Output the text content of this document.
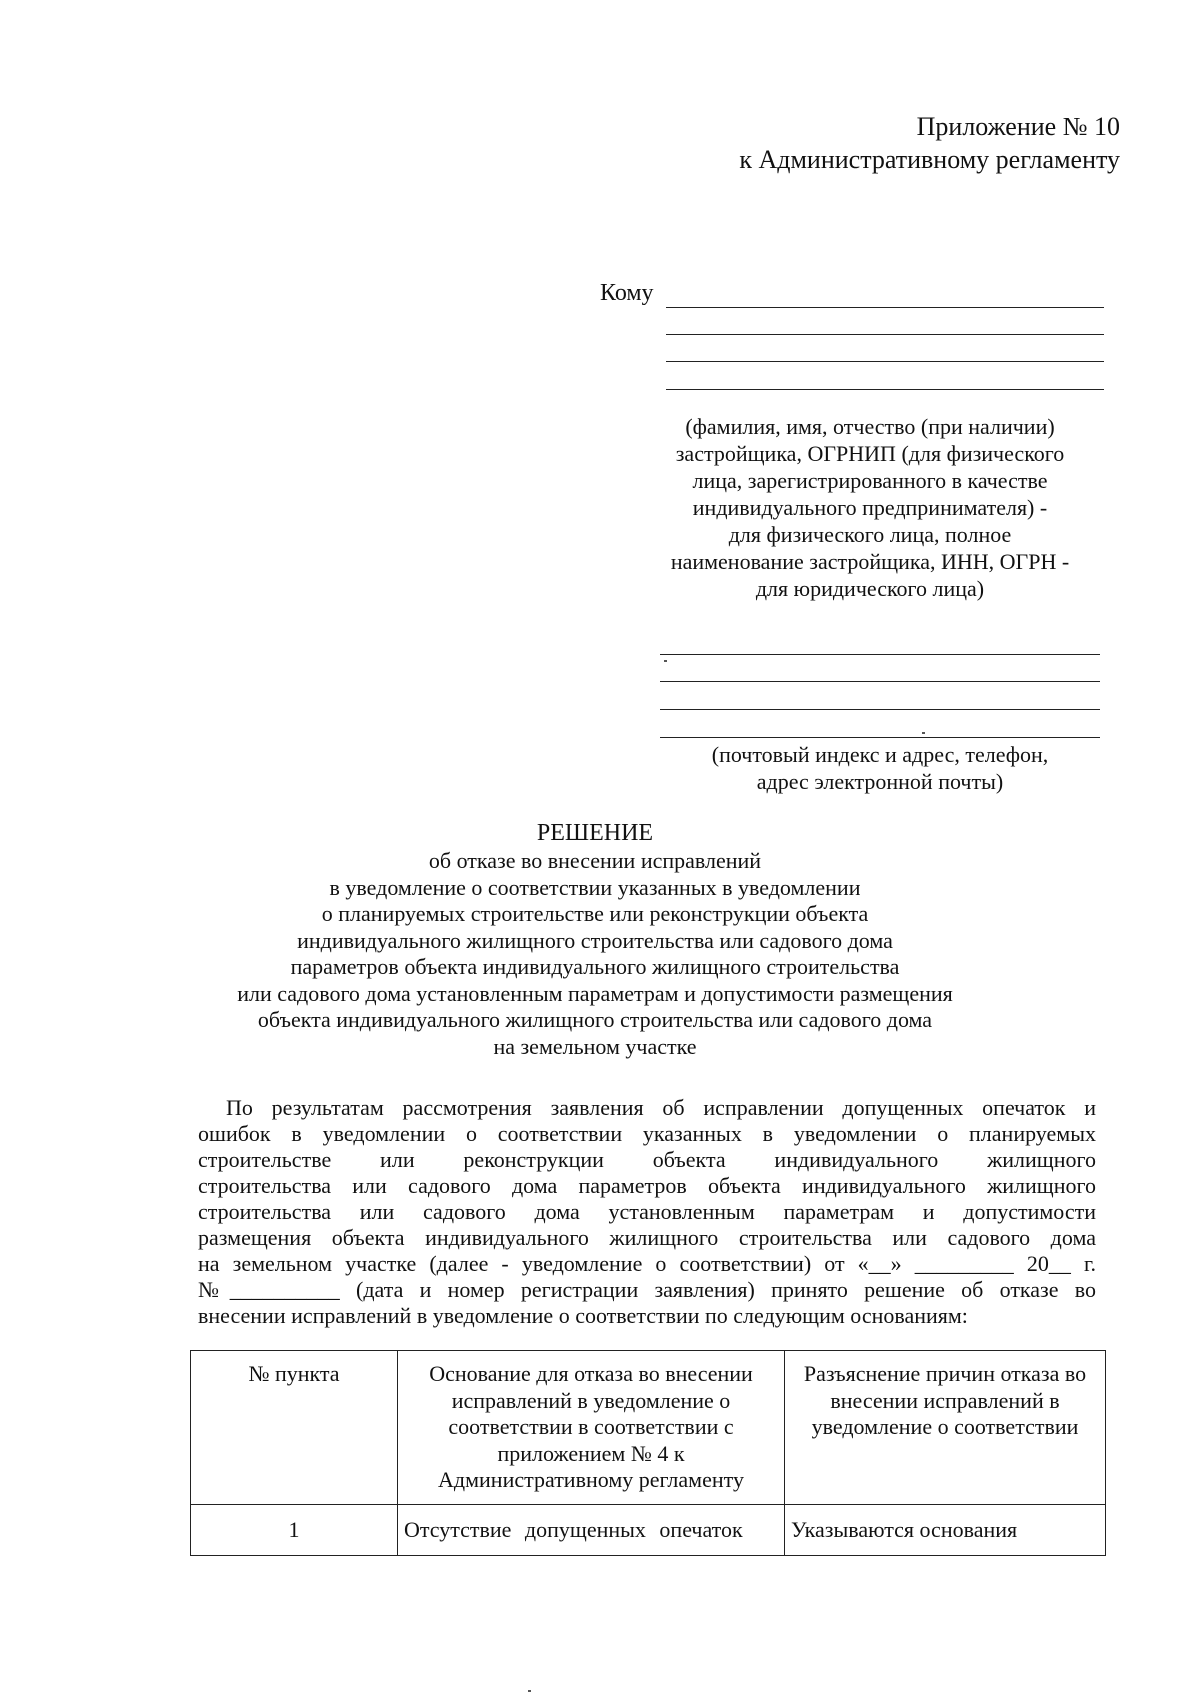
Приложение № 10
к Административному регламенту
Кому
(фамилия, имя, отчество (при наличии)
застройщика, ОГРНИП (для физического
лица, зарегистрированного в качестве
индивидуального предпринимателя) -
для физического лица, полное
наименование застройщика, ИНН, ОГРН -
для юридического лица)
(почтовый индекс и адрес, телефон,
адрес электронной почты)
РЕШЕНИЕ
об отказе во внесении исправлений
в уведомление о соответствии указанных в уведомлении
о планируемых строительстве или реконструкции объекта
индивидуального жилищного строительства или садового дома
параметров объекта индивидуального жилищного строительства
или садового дома установленным параметрам и допустимости размещения
объекта индивидуального жилищного строительства или садового дома
на земельном участке
По результатам рассмотрения заявления об исправлении допущенных опечаток и
ошибок в уведомлении о соответствии указанных в уведомлении о планируемых
строительстве или реконструкции объекта индивидуального жилищного
строительства или садового дома параметров объекта индивидуального жилищного
строительства или садового дома установленным параметрам и допустимости
размещения объекта индивидуального жилищного строительства или садового дома
на земельном участке (далее - уведомление о соответствии) от «__» _________ 20__ г.
№__________ (дата и номер регистрации заявления) принято решение об отказе во
внесении исправлений в уведомление о соответствии по следующим основаниям:
№ пункта	Основание для отказа во внесении исправлений в уведомление о соответствии в соответствии с приложением № 4 к Административному регламенту	Разъяснение причин отказа во внесении исправлений в уведомление о соответствии
1	Отсутствие допущенных опечаток	Указываются основания
